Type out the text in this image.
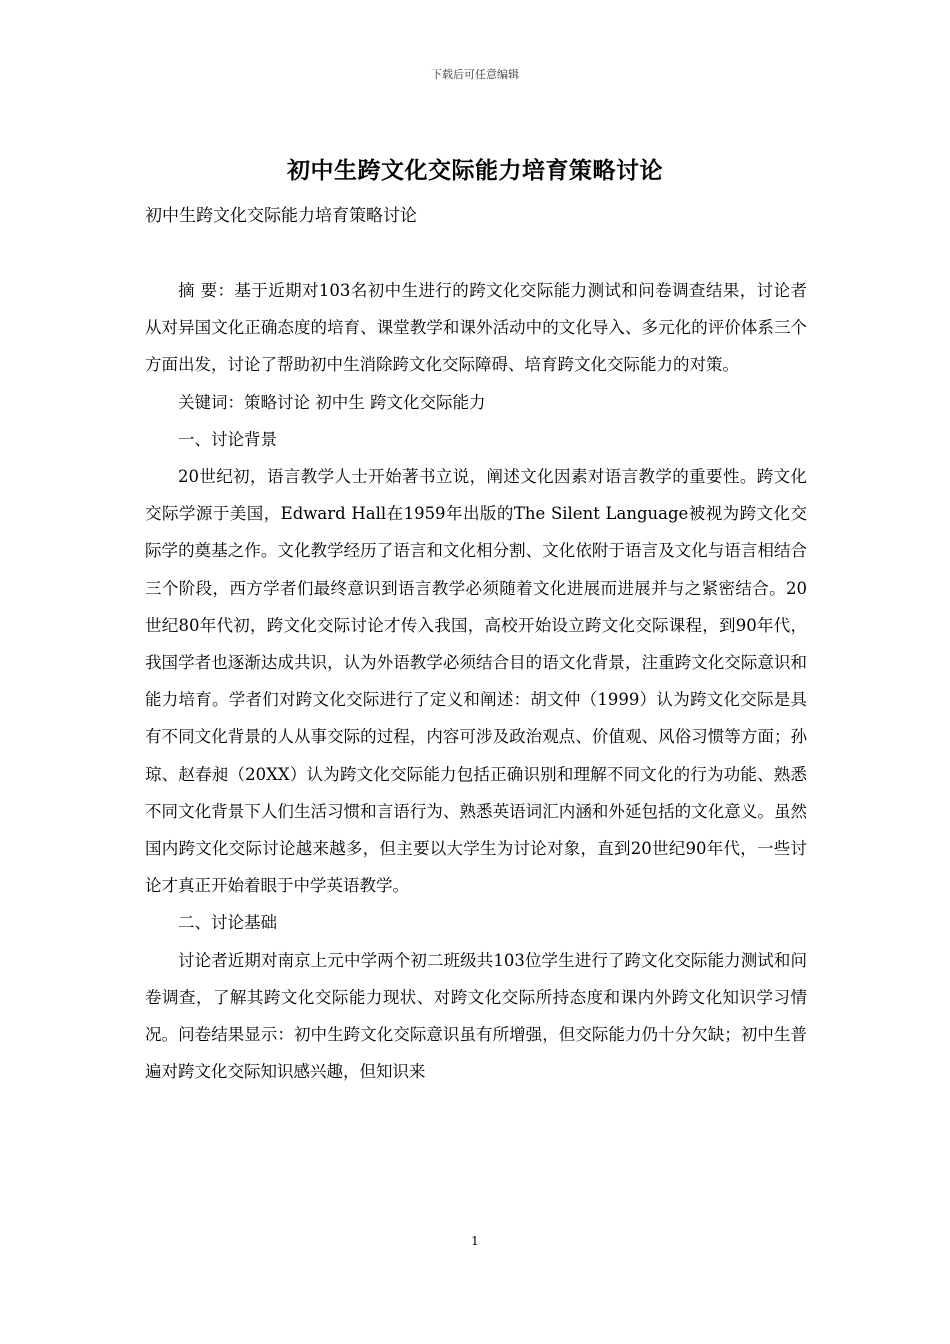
下载后可任意编辑
初中生跨文化交际能力培育策略讨论

初中生跨文化交际能力培育策略讨论

摘 要：基于近期对103名初中生进行的跨文化交际能力测试和问卷调查结果，讨论者从对异国文化正确态度的培育、课堂教学和课外活动中的文化导入、多元化的评价体系三个方面出发，讨论了帮助初中生消除跨文化交际障碍、培育跨文化交际能力的对策。

关键词：策略讨论 初中生 跨文化交际能力

一、讨论背景

20世纪初，语言教学人士开始著书立说，阐述文化因素对语言教学的重要性。跨文化交际学源于美国，Edward Hall在1959年出版的The Silent Language被视为跨文化交际学的奠基之作。文化教学经历了语言和文化相分割、文化依附于语言及文化与语言相结合三个阶段，西方学者们最终意识到语言教学必须随着文化进展而进展并与之紧密结合。20世纪80年代初，跨文化交际讨论才传入我国，高校开始设立跨文化交际课程，到90年代，我国学者也逐渐达成共识，认为外语教学必须结合目的语文化背景，注重跨文化交际意识和能力培育。学者们对跨文化交际进行了定义和阐述：胡文仲（1999）认为跨文化交际是具有不同文化背景的人从事交际的过程，内容可涉及政治观点、价值观、风俗习惯等方面；孙琼、赵春昶（20XX）认为跨文化交际能力包括正确识别和理解不同文化的行为功能、熟悉不同文化背景下人们生活习惯和言语行为、熟悉英语词汇内涵和外延包括的文化意义。虽然国内跨文化交际讨论越来越多，但主要以大学生为讨论对象，直到20世纪90年代，一些讨论才真正开始着眼于中学英语教学。

二、讨论基础

讨论者近期对南京上元中学两个初二班级共103位学生进行了跨文化交际能力测试和问卷调查，了解其跨文化交际能力现状、对跨文化交际所持态度和课内外跨文化知识学习情况。问卷结果显示：初中生跨文化交际意识虽有所增强，但交际能力仍十分欠缺；初中生普遍对跨文化交际知识感兴趣，但知识来

1
